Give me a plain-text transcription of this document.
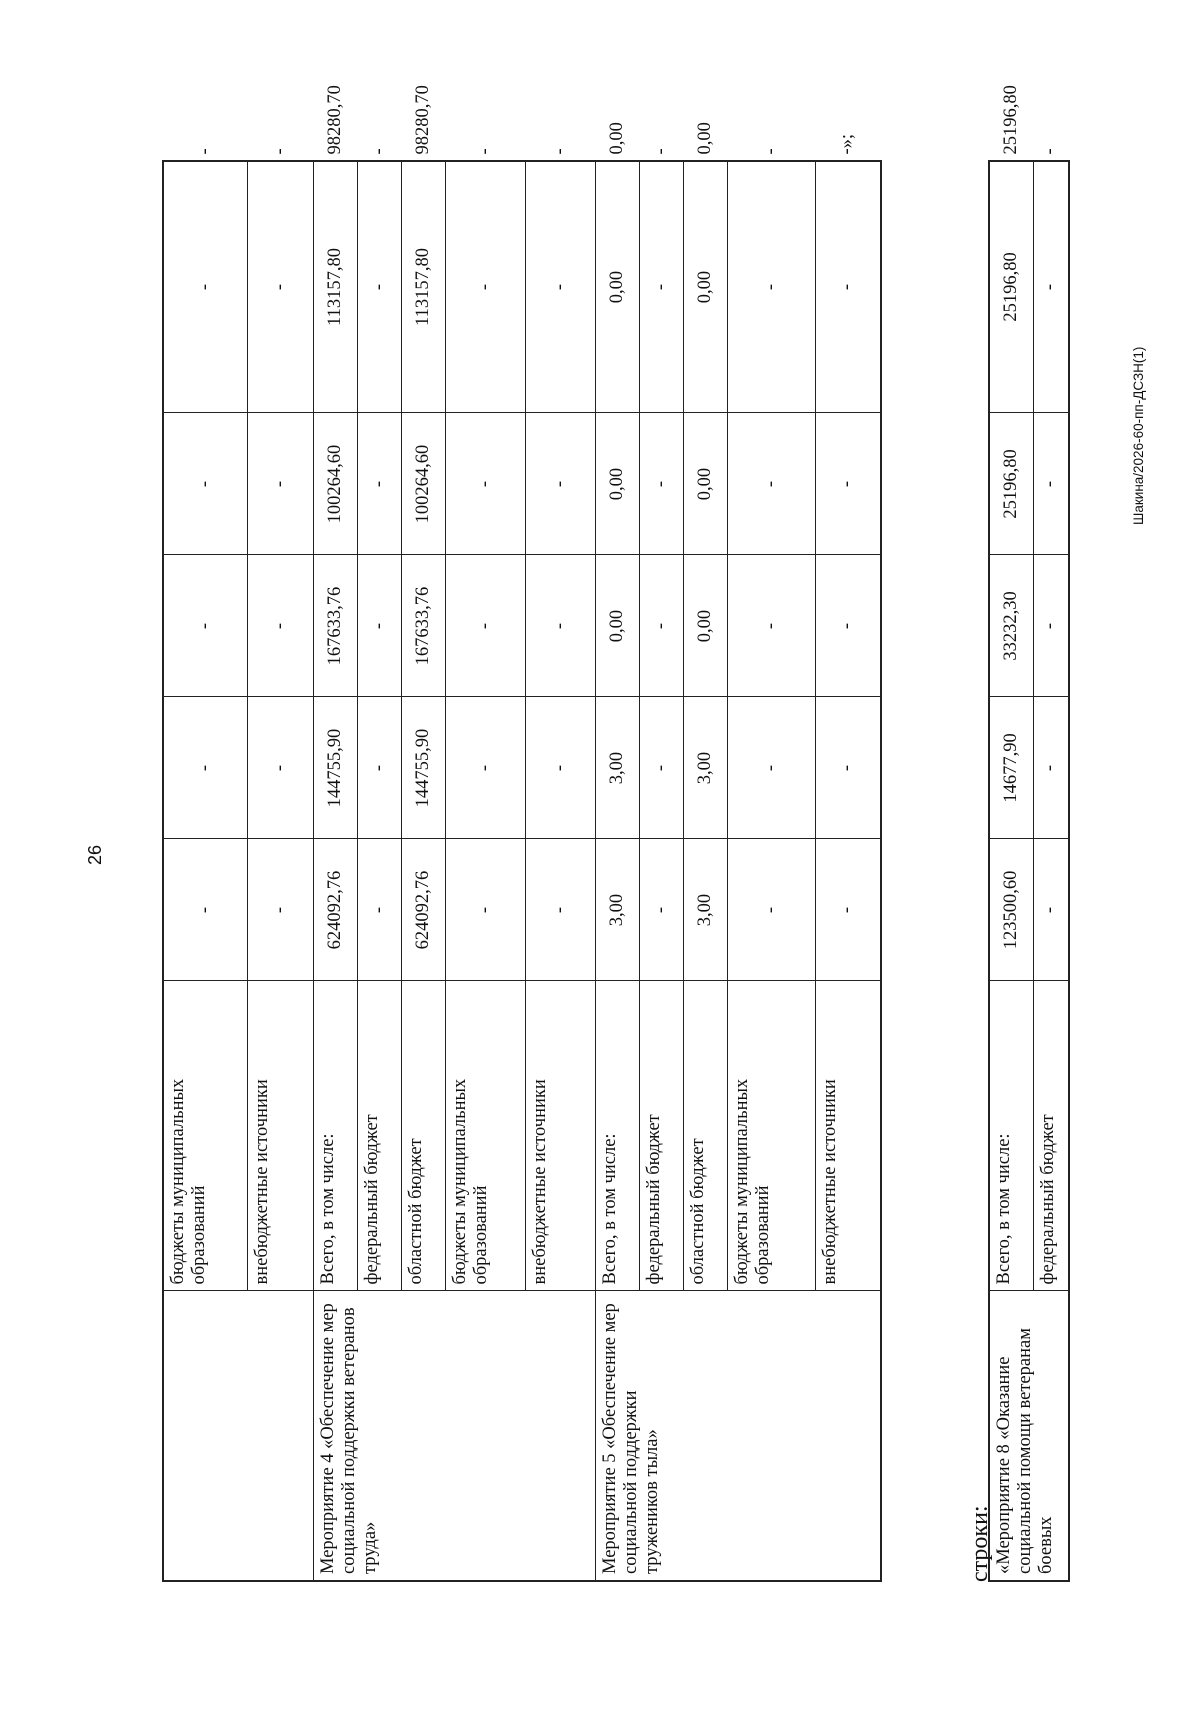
26
Шакина/2026-60-пп-ДСЗН(1)
	бюджеты муниципальных образований	-	-	-	-	-	-
	внебюджетные источники	-	-	-	-	-	-
Мероприятие 4 «Обеспечение мер социальной поддержки ветеранов труда»	Всего, в том числе:	624092,76	144755,90	167633,76	100264,60	113157,80	98280,70
	федеральный бюджет	-	-	-	-	-	-
	областной бюджет	624092,76	144755,90	167633,76	100264,60	113157,80	98280,70
	бюджеты муниципальных образований	-	-	-	-	-	-
	внебюджетные источники	-	-	-	-	-	-
Мероприятие 5 «Обеспечение мер социальной поддержки тружеников тыла»	Всего, в том числе:	3,00	3,00	0,00	0,00	0,00	0,00
	федеральный бюджет	-	-	-	-	-	-
	областной бюджет	3,00	3,00	0,00	0,00	0,00	0,00
	бюджеты муниципальных образований	-	-	-	-	-	-
	внебюджетные источники	-	-	-	-	-	-»;
строки: «Мероприятие 8 «Оказание социальной помощи ветеранам боевых	Всего, в том числе:	123500,60	14677,90	33232,30	25196,80	25196,80	25196,80
	федеральный бюджет	-	-	-	-	-	-
